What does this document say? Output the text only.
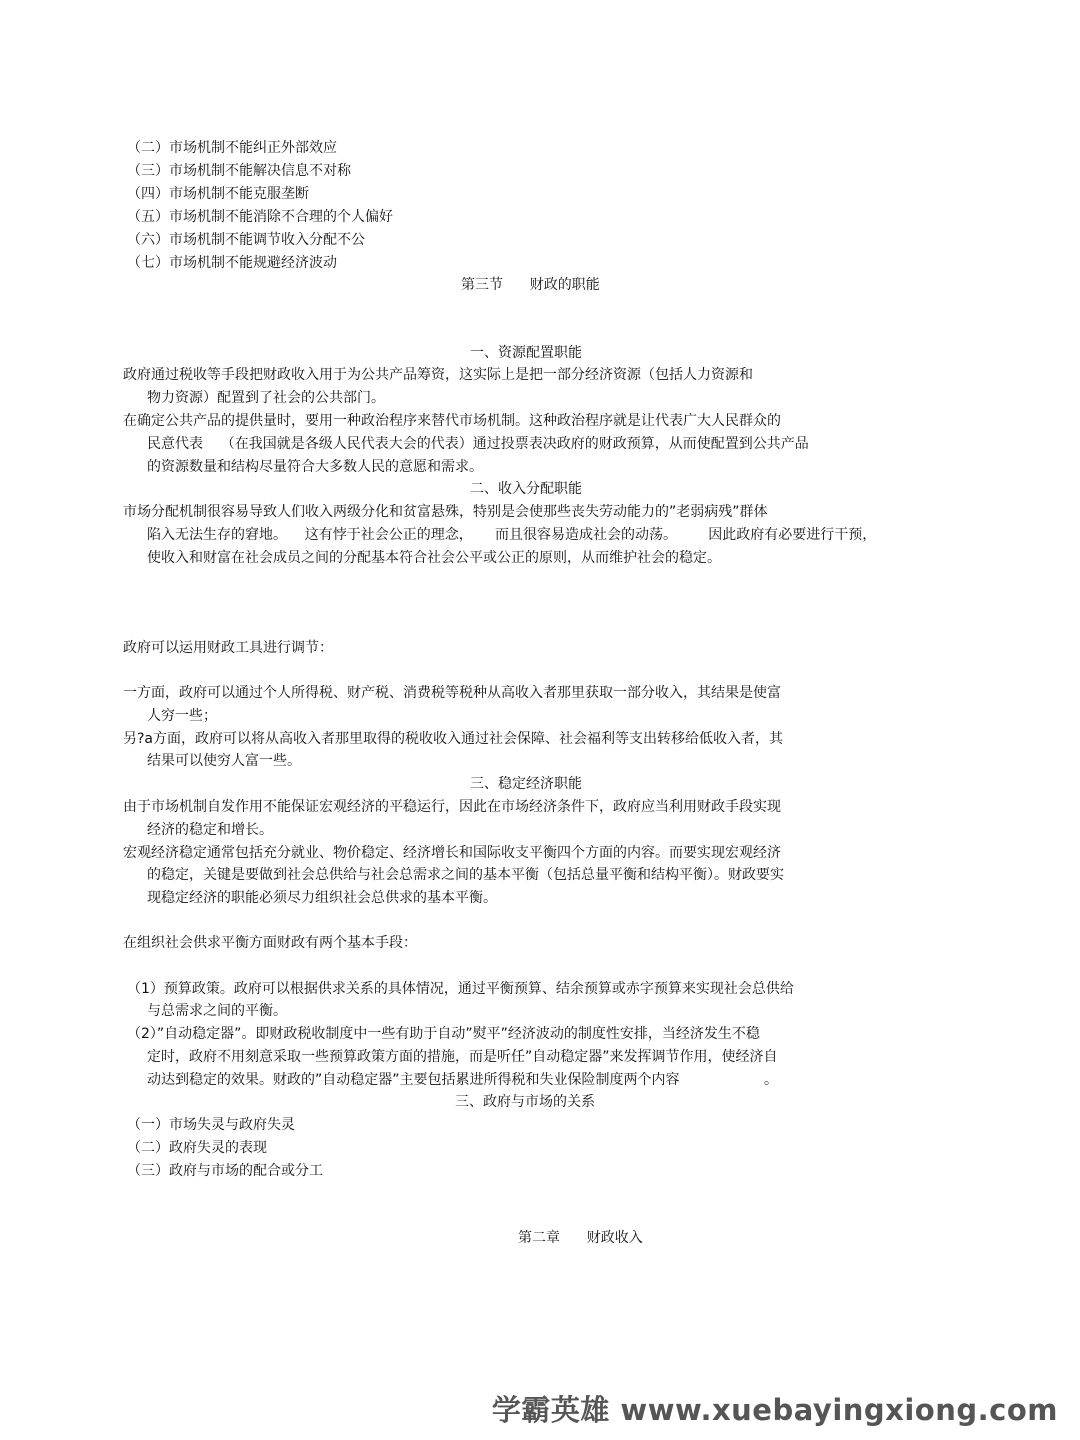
（二）市场机制不能纠正外部效应

（三）市场机制不能解决信息不对称

（四）市场机制不能克服垄断

（五）市场机制不能消除不合理的个人偏好

（六）市场机制不能调节收入分配不公

（七）市场机制不能规避经济波动

第三节      财政的职能

一、资源配置职能

政府通过税收等手段把财政收入用于为公共产品筹资，这实际上是把一部分经济资源（包括人力资源和

物力资源）配置到了社会的公共部门。

在确定公共产品的提供量时，要用一种政治程序来替代市场机制。这种政治程序就是让代表广大人民群众的

民意代表    （在我国就是各级人民代表大会的代表）通过投票表决政府的财政预算，从而使配置到公共产品

的资源数量和结构尽量符合大多数人民的意愿和需求。

二、收入分配职能

市场分配机制很容易导致人们收入两级分化和贫富悬殊，特别是会使那些丧失劳动能力的”老弱病残”群体

陷入无法生存的窘地。    这有悖于社会公正的理念，     而且很容易造成社会的动荡。       因此政府有必要进行干预，

使收入和财富在社会成员之间的分配基本符合社会公平或公正的原则，从而维护社会的稳定。

政府可以运用财政工具进行调节：

一方面，政府可以通过个人所得税、财产税、消费税等税种从高收入者那里获取一部分收入，其结果是使富

人穷一些；

另?a方面，政府可以将从高收入者那里取得的税收收入通过社会保障、社会福利等支出转移给低收入者，其

结果可以使穷人富一些。

三、稳定经济职能

由于市场机制自发作用不能保证宏观经济的平稳运行，因此在市场经济条件下，政府应当利用财政手段实现

经济的稳定和增长。

宏观经济稳定通常包括充分就业、物价稳定、经济增长和国际收支平衡四个方面的内容。而要实现宏观经济

的稳定，关键是要做到社会总供给与社会总需求之间的基本平衡（包括总量平衡和结构平衡）。财政要实

现稳定经济的职能必须尽力组织社会总供求的基本平衡。

在组织社会供求平衡方面财政有两个基本手段：

（1）预算政策。政府可以根据供求关系的具体情况，通过平衡预算、结余预算或赤字预算来实现社会总供给

与总需求之间的平衡。

（2）”自动稳定器”。即财政税收制度中一些有助于自动”熨平”经济波动的制度性安排，当经济发生不稳

定时，政府不用刻意采取一些预算政策方面的措施，而是听任”自动稳定器”来发挥调节作用，使经济自

动达到稳定的效果。财政的”自动稳定器”主要包括累进所得税和失业保险制度两个内容                   。

三、政府与市场的关系

（一）市场失灵与政府失灵

（二）政府失灵的表现

（三）政府与市场的配合或分工

第二章      财政收入

学霸英雄 www.xuebayingxiong.com
